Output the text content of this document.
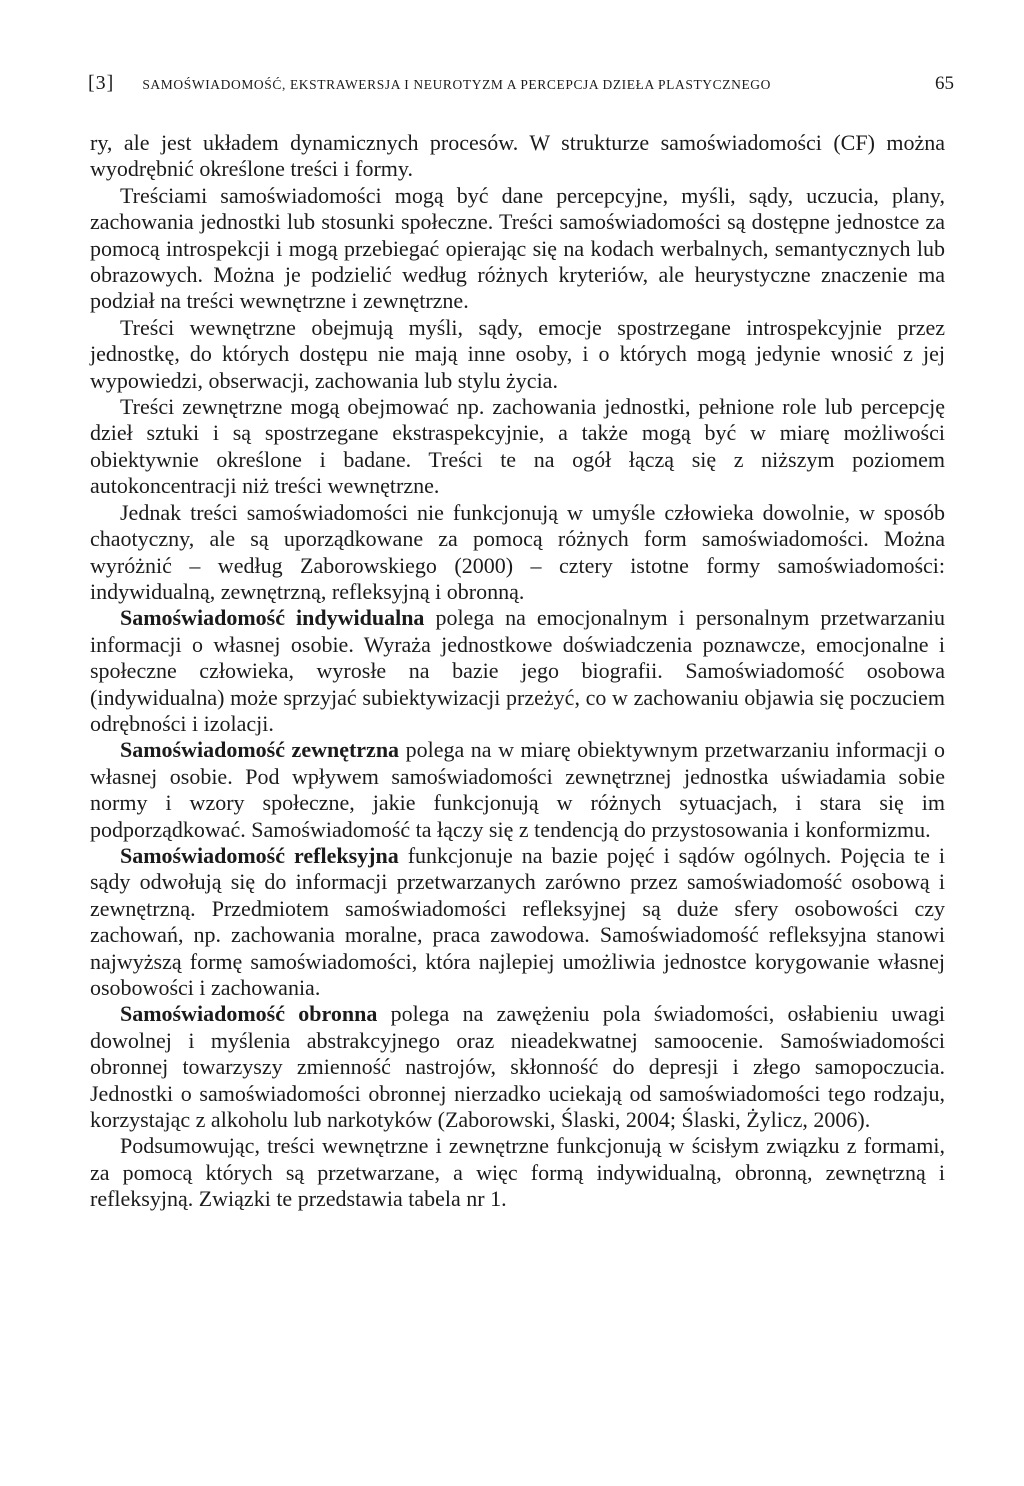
[3] SAMOŚWIADOMOŚĆ, EKSTRAWERSJA I NEUROTYZM A PERCEPCJA DZIEŁA PLASTYCZNEGO	65

ry, ale jest układem dynamicznych procesów. W strukturze samoświadomości (CF) można wyodrębnić określone treści i formy.

Treściami samoświadomości mogą być dane percepcyjne, myśli, sądy, uczucia, plany, zachowania jednostki lub stosunki społeczne. Treści samoświadomości są dostępne jednostce za pomocą introspekcji i mogą przebiegać opierając się na kodach werbalnych, semantycznych lub obrazowych. Można je podzielić według różnych kryteriów, ale heurystyczne znaczenie ma podział na treści wewnętrzne i zewnętrzne.

Treści wewnętrzne obejmują myśli, sądy, emocje spostrzegane introspekcyjnie przez jednostkę, do których dostępu nie mają inne osoby, i o których mogą jedynie wnosić z jej wypowiedzi, obserwacji, zachowania lub stylu życia.

Treści zewnętrzne mogą obejmować np. zachowania jednostki, pełnione role lub percepcję dzieł sztuki i są spostrzegane ekstraspekcyjnie, a także mogą być w miarę możliwości obiektywnie określone i badane. Treści te na ogół łączą się z niższym poziomem autokoncentracji niż treści wewnętrzne.

Jednak treści samoświadomości nie funkcjonują w umyśle człowieka dowolnie, w sposób chaotyczny, ale są uporządkowane za pomocą różnych form samoświadomości. Można wyróżnić – według Zaborowskiego (2000) – cztery istotne formy samoświadomości: indywidualną, zewnętrzną, refleksyjną i obronną.

Samoświadomość indywidualna polega na emocjonalnym i personalnym przetwarzaniu informacji o własnej osobie. Wyraża jednostkowe doświadczenia poznawcze, emocjonalne i społeczne człowieka, wyrosłe na bazie jego biografii. Samoświadomość osobowa (indywidualna) może sprzyjać subiektywizacji przeżyć, co w zachowaniu objawia się poczuciem odrębności i izolacji.

Samoświadomość zewnętrzna polega na w miarę obiektywnym przetwarzaniu informacji o własnej osobie. Pod wpływem samoświadomości zewnętrznej jednostka uświadamia sobie normy i wzory społeczne, jakie funkcjonują w różnych sytuacjach, i stara się im podporządkować. Samoświadomość ta łączy się z tendencją do przystosowania i konformizmu.

Samoświadomość refleksyjna funkcjonuje na bazie pojęć i sądów ogólnych. Pojęcia te i sądy odwołują się do informacji przetwarzanych zarówno przez samoświadomość osobową i zewnętrzną. Przedmiotem samoświadomości refleksyjnej są duże sfery osobowości czy zachowań, np. zachowania moralne, praca zawodowa. Samoświadomość refleksyjna stanowi najwyższą formę samoświadomości, która najlepiej umożliwia jednostce korygowanie własnej osobowości i zachowania.

Samoświadomość obronna polega na zawężeniu pola świadomości, osłabieniu uwagi dowolnej i myślenia abstrakcyjnego oraz nieadekwatnej samoocenie. Samoświadomości obronnej towarzyszy zmienność nastrojów, skłonność do depresji i złego samopoczucia. Jednostki o samoświadomości obronnej nierzadko uciekają od samoświadomości tego rodzaju, korzystając z alkoholu lub narkotyków (Zaborowski, Ślaski, 2004; Ślaski, Żylicz, 2006).

Podsumowując, treści wewnętrzne i zewnętrzne funkcjonują w ścisłym związku z formami, za pomocą których są przetwarzane, a więc formą indywidualną, obronną, zewnętrzną i refleksyjną. Związki te przedstawia tabela nr 1.
